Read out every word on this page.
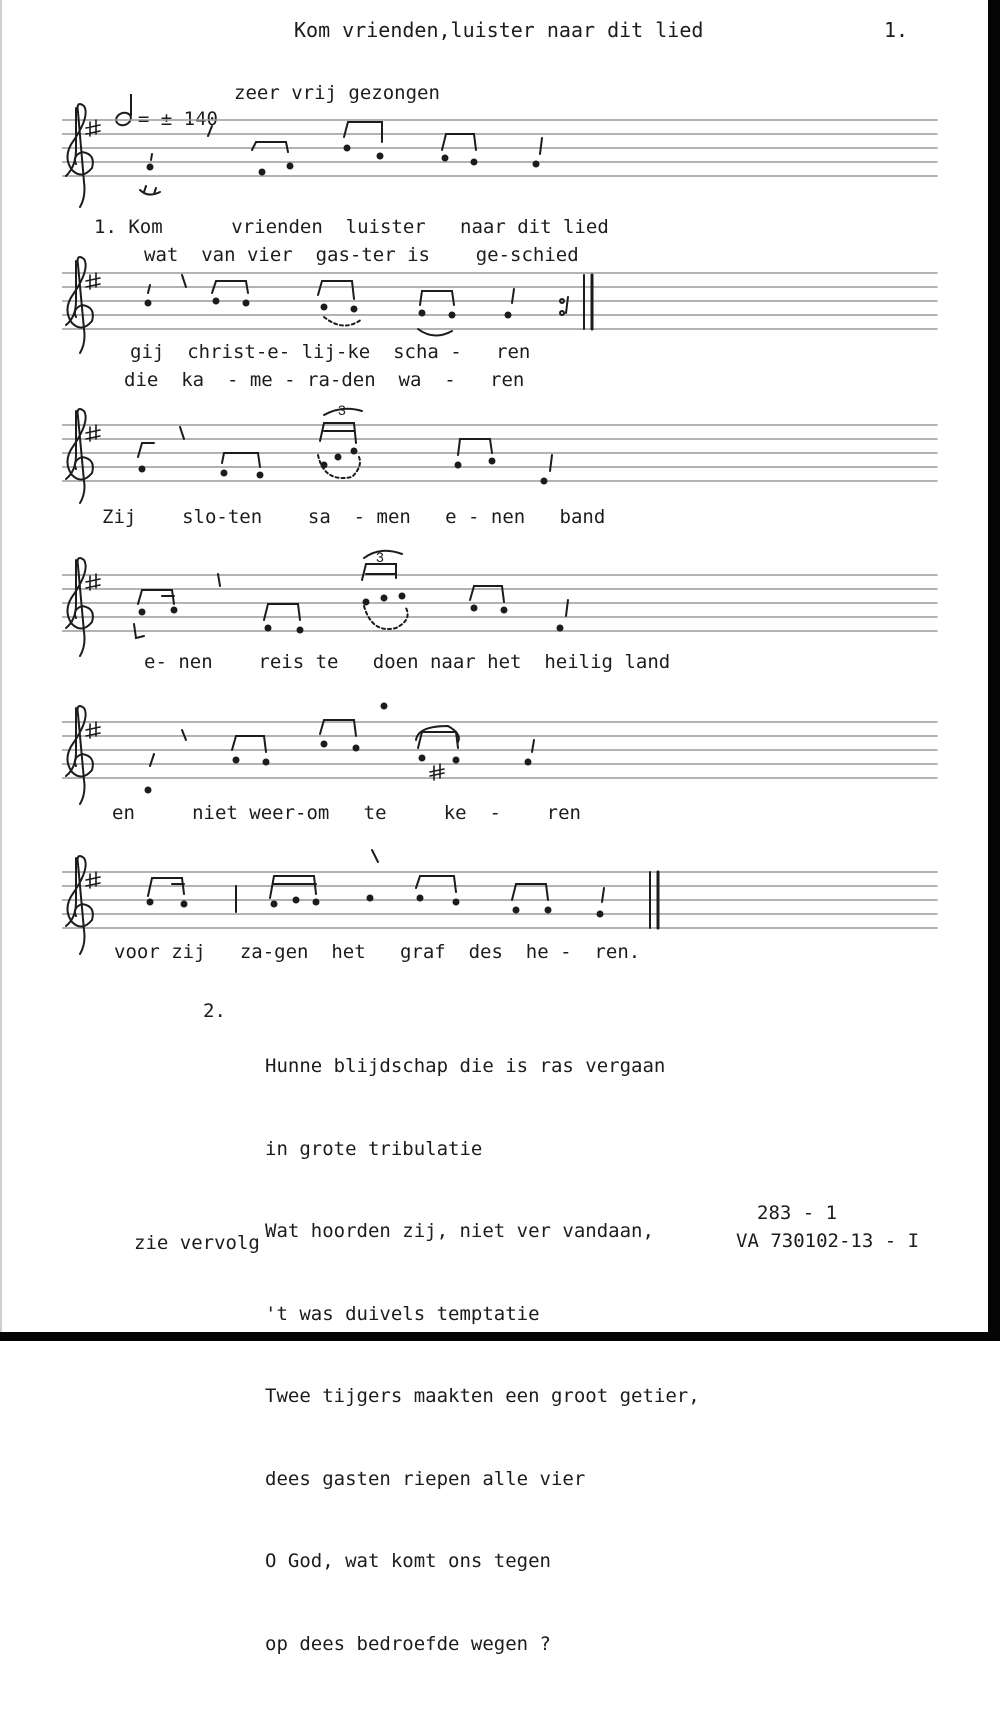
Kom vrienden,luister naar dit lied	1.

= ± 140

zeer vrij gezongen
1. Kom      vrienden  luister   naar dit lied
wat  van vier  gas-ter is    ge-schied
gij  christ-e- lij-ke  scha -   ren
die  ka  - me - ra-den  wa  -   ren
3
Zij    slo-ten    sa  - men   e - nen   band
3
e- nen    reis te   doen naar het  heilig land
en     niet weer-om   te     ke  -    ren
voor zij   za-gen  het   graf  des  he -  ren.
2.

Hunne blijdschap die is ras vergaan

in grote tribulatie

Wat hoorden zij, niet ver vandaan,

't was duivels temptatie

Twee tijgers maakten een groot getier,

dees gasten riepen alle vier

O God, wat komt ons tegen

op dees bedroefde wegen ?

zie vervolg
283 - 1
VA 730102-13 - I
